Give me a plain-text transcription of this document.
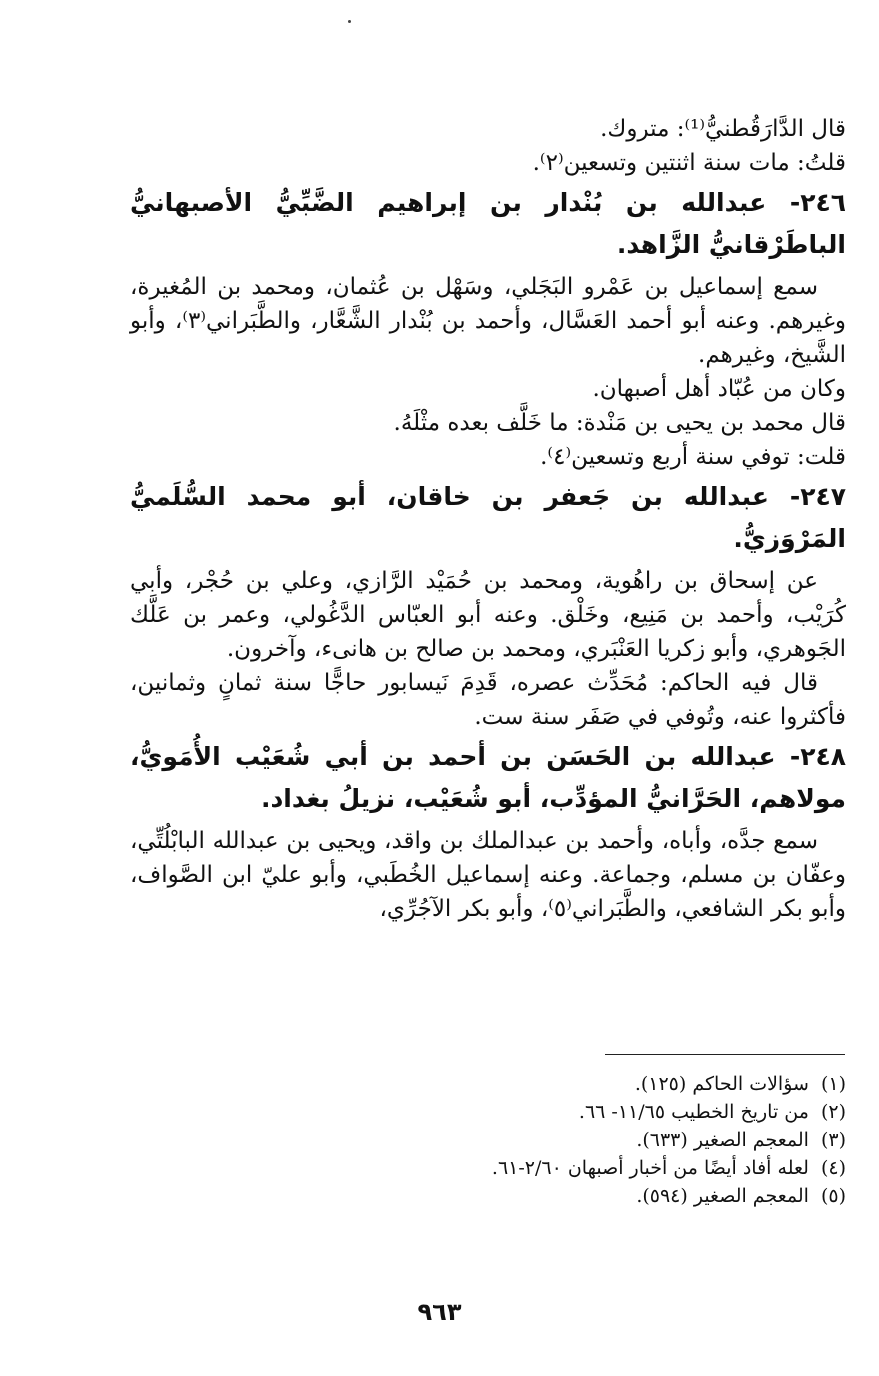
قال الدَّارَقُطنيُّ⁽¹⁾: متروك.

قلتُ: مات سنة اثنتين وتسعين⁽٢⁾.

٢٤٦- عبدالله بن بُنْدار بن إبراهيم الضَّبِّيُّ الأصبهانيُّ الباطَرْقانيُّ الزَّاهد.

سمع إسماعيل بن عَمْرو البَجَلي، وسَهْل بن عُثمان، ومحمد بن المُغيرة، وغيرهم. وعنه أبو أحمد العَسَّال، وأحمد بن بُنْدار الشَّعَّار، والطَّبَراني⁽٣⁾، وأبو الشَّيخ، وغيرهم.

وكان من عُبّاد أهل أصبهان.

قال محمد بن يحيى بن مَنْدة: ما خَلَّف بعده مثْلَهُ.

قلت: توفي سنة أربع وتسعين⁽٤⁾.

٢٤٧- عبدالله بن جَعفر بن خاقان، أبو محمد السُّلَميُّ المَرْوَزيُّ.

عن إسحاق بن راهُوية، ومحمد بن حُمَيْد الرَّازي، وعلي بن حُجْر، وأبي كُرَيْب، وأحمد بن مَنِيع، وخَلْق. وعنه أبو العبّاس الدَّغُولي، وعمر بن عَلَّك الجَوهري، وأبو زكريا العَنْبَري، ومحمد بن صالح بن هانىء، وآخرون.

قال فيه الحاكم: مُحَدِّث عصره، قَدِمَ نَيسابور حاجًّا سنة ثمانٍ وثمانين، فأكثروا عنه، وتُوفي في صَفَر سنة ست.

٢٤٨- عبدالله بن الحَسَن بن أحمد بن أبي شُعَيْب الأُمَويُّ، مولاهم، الحَرَّانيُّ المؤدِّب، أبو شُعَيْب، نزيلُ بغداد.

سمع جدَّه، وأباه، وأحمد بن عبدالملك بن واقد، ويحيى بن عبدالله البابْلُتِّي، وعفّان بن مسلم، وجماعة. وعنه إسماعيل الخُطَبي، وأبو عليّ ابن الصَّواف، وأبو بكر الشافعي، والطَّبَراني⁽٥⁾، وأبو بكر الآجُرِّي،

(١)
سؤالات الحاكم (١٢٥).

(٢)
من تاريخ الخطيب ١١/٦٥- ٦٦.

(٣)
المعجم الصغير (٦٣٣).

(٤)
لعله أفاد أيضًا من أخبار أصبهان ٢/٦٠-٦١.

(٥)
المعجم الصغير (٥٩٤).

٩٦٣
